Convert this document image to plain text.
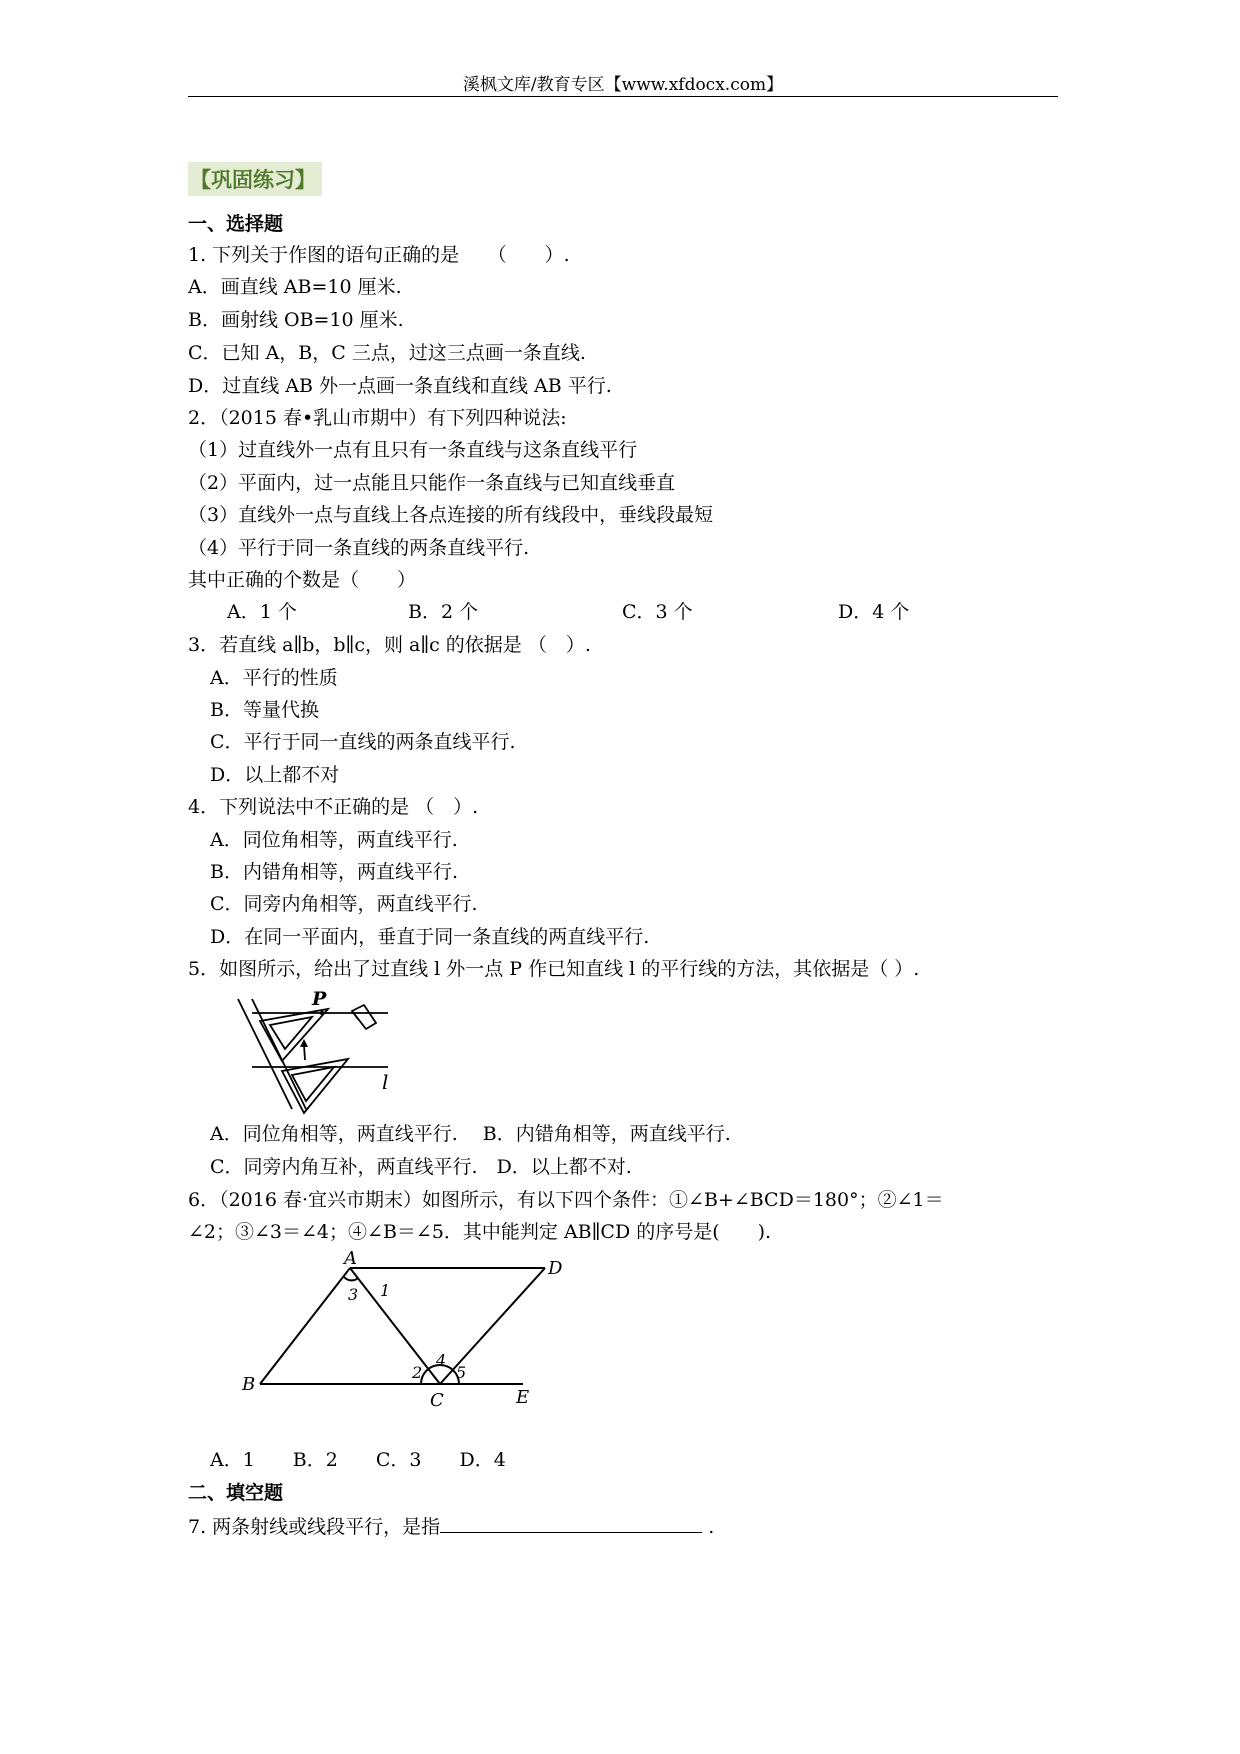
溪枫文库/教育专区【www.xfdocx.com】
【巩固练习】
一、选择题
1. 下列关于作图的语句正确的是　　（　　）.
A．画直线 AB=10 厘米.
B．画射线 OB=10 厘米.
C．已知 A，B，C 三点，过这三点画一条直线.
D．过直线 AB 外一点画一条直线和直线 AB 平行.
2．（2015 春•乳山市期中）有下列四种说法:
（1）过直线外一点有且只有一条直线与这条直线平行
（2）平面内，过一点能且只能作一条直线与已知直线垂直
（3）直线外一点与直线上各点连接的所有线段中，垂线段最短
（4）平行于同一条直线的两条直线平行.
其中正确的个数是（　　）
A．1 个	B．2 个	C．3 个	D．4 个
3．若直线 a∥b，b∥c，则 a∥c 的依据是 （　）.
A．平行的性质
B．等量代换
C．平行于同一直线的两条直线平行.
D．以上都不对
4．下列说法中不正确的是 （　）.
A．同位角相等，两直线平行.
B．内错角相等，两直线平行.
C．同旁内角相等，两直线平行.
D．在同一平面内，垂直于同一条直线的两直线平行.
5．如图所示，给出了过直线 l 外一点 P 作已知直线 l 的平行线的方法，其依据是（ ）.
P
l
A．同位角相等，两直线平行.　 B．内错角相等，两直线平行.
C．同旁内角互补，两直线平行.　D．以上都不对.
6．（2016 春·宜兴市期末）如图所示，有以下四个条件：①∠B+∠BCD＝180°；②∠1＝
∠2；③∠3＝∠4；④∠B＝∠5．其中能判定 AB∥CD 的序号是(　　).
A	D
B
C	E
1
3
2
4
5
A．1　　B．2　　C．3　　D．4
二、填空题
7. 两条射线或线段平行，是指	.
